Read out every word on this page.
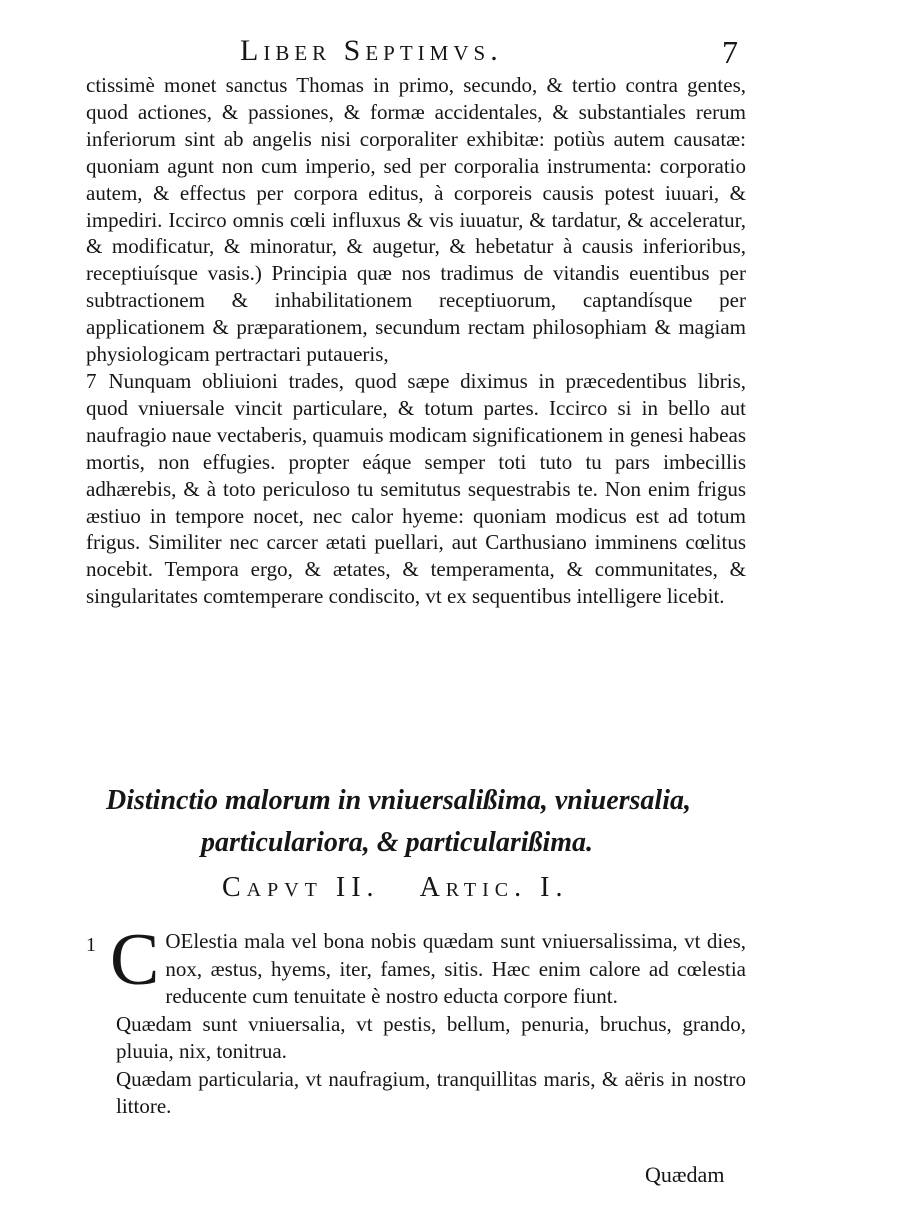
Liber Septimvs.	7

ctissimè monet sanctus Thomas in primo, secundo, & tertio contra gentes, quod actiones, & passiones, & formæ accidentales, & substantiales rerum inferiorum sint ab angelis nisi corporaliter exhibitæ: potiùs autem causatæ: quoniam agunt non cum imperio, sed per corporalia instrumenta: corporatio autem, & effectus per corpora editus, à corporeis causis potest iuuari, & impediri. Iccirco omnis cœli influxus & vis iuuatur, & tardatur, & acceleratur, & modificatur, & minoratur, & augetur, & hebetatur à causis inferioribus, receptiuísque vasis.) Principia quæ nos tradimus de vitandis euentibus per subtractionem & inhabilitationem receptiuorum, captandísque per applicationem & præparationem, secundum rectam philosophiam & magiam physiologicam pertractari putaueris,

7 Nunquam obliuioni trades, quod sæpe diximus in præcedentibus libris, quod vniuersale vincit particulare, & totum partes. Iccirco si in bello aut naufragio naue vectaberis, quamuis modicam significationem in genesi habeas mortis, non effugies. propter eáque semper toti tuto tu pars imbecillis adhærebis, & à toto periculoso tu semitutus sequestrabis te. Non enim frigus æstiuo in tempore nocet, nec calor hyeme: quoniam modicus est ad totum frigus. Similiter nec carcer ætati puellari, aut Carthusiano imminens cœlitus nocebit. Tempora ergo, & ætates, & temperamenta, & communitates, & singularitates comtemperare condiscito, vt ex sequentibus intelligere licebit.

Distinctio malorum in vniuersalißima, vniuersalia,
particulariora, & particularißima.
Capvt II. Artic. I.
1 C OElestia mala vel bona nobis quædam sunt vniuersalissima, vt dies, nox, æstus, hyems, iter, fames, sitis. Hæc enim calore ad cœlestia reducente cum tenuitate è nostro educta corpore fiunt.

Quædam sunt vniuersalia, vt pestis, bellum, penuria, bruchus, grando, pluuia, nix, tonitrua.

Quædam particularia, vt naufragium, tranquillitas maris, & aëris in nostro littore.

Quædam
